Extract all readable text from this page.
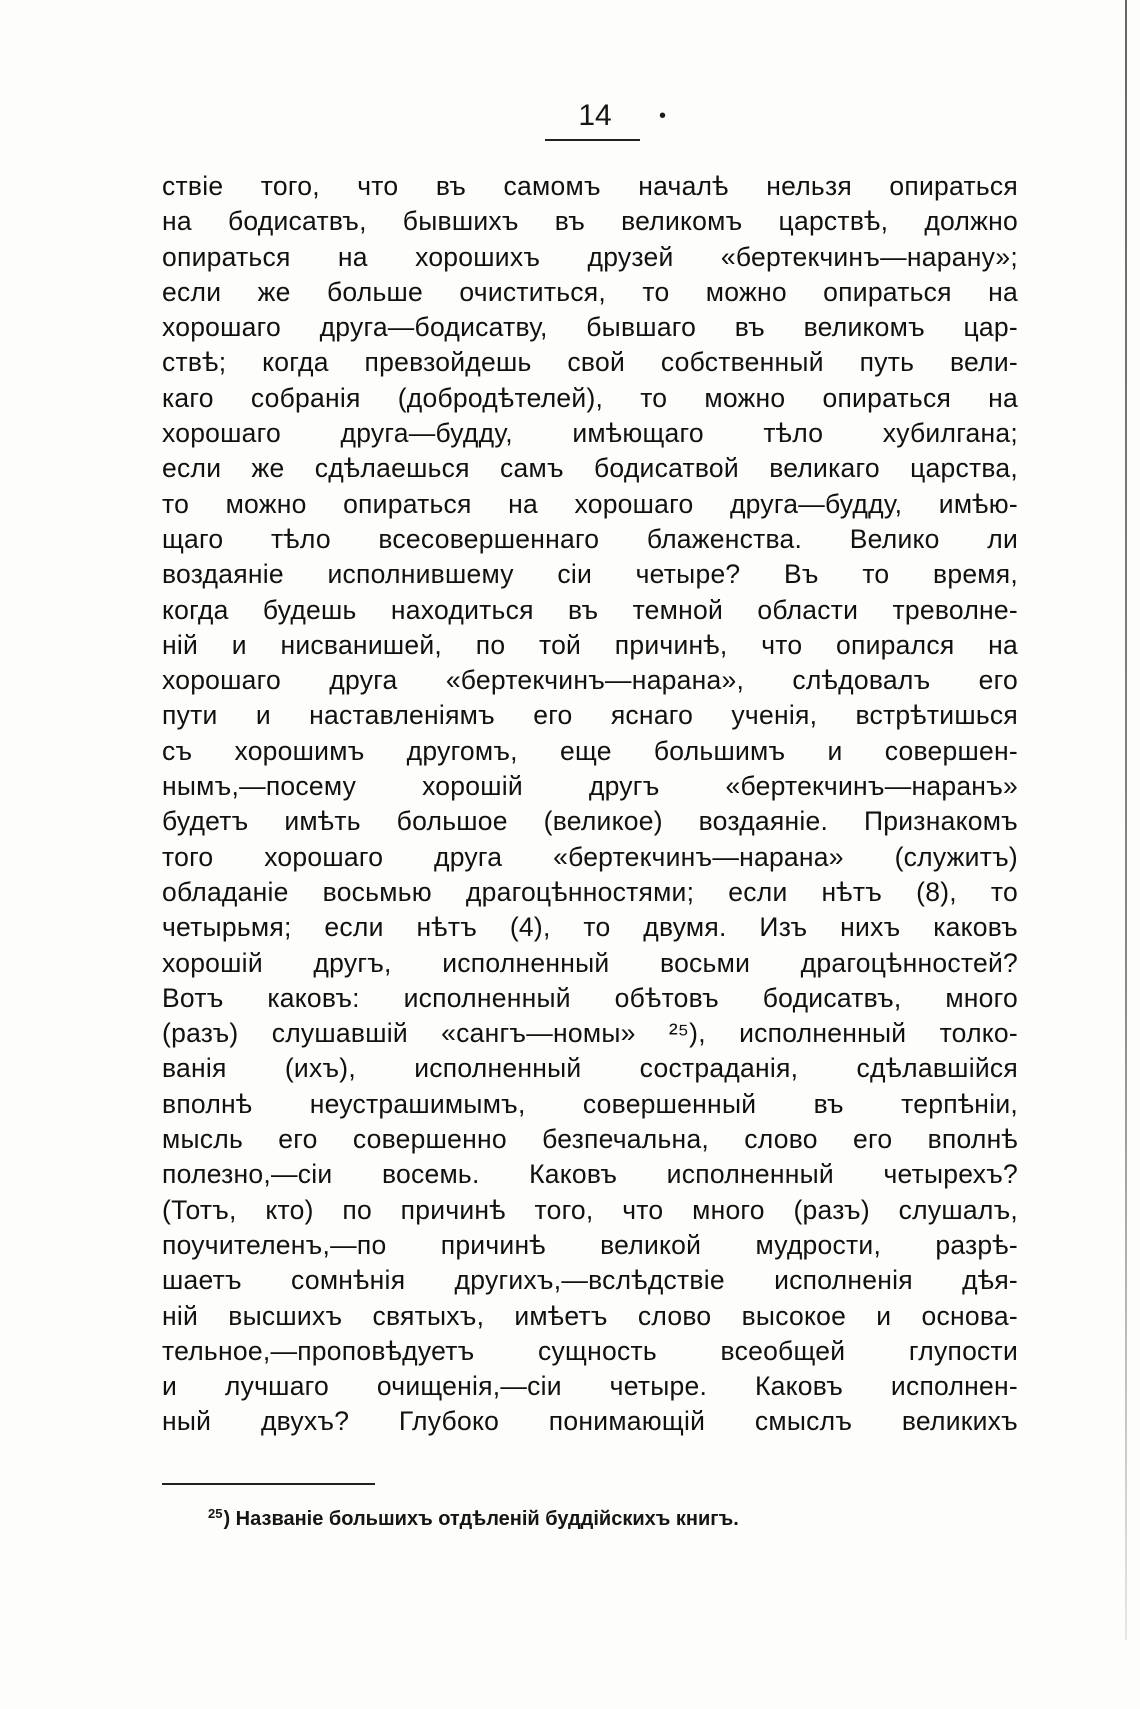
14	•
ствіе того, что въ самомъ началѣ нельзя опираться
на бодисатвъ, бывшихъ въ великомъ царствѣ, должно
опираться на хорошихъ друзей «бертекчинъ—нарану»;
если же больше очиститься, то можно опираться на
хорошаго друга—бодисатву, бывшаго въ великомъ цар-
ствѣ; когда превзойдешь свой собственный путь вели-
каго собранія (добродѣтелей), то можно опираться на
хорошаго друга—будду, имѣющаго тѣло хубилгана;
если же сдѣлаешься самъ бодисатвой великаго царства,
то можно опираться на хорошаго друга—будду, имѣю-
щаго тѣло всесовершеннаго блаженства. Велико ли
воздаяніе исполнившему сіи четыре? Въ то время,
когда будешь находиться въ темной области треволне-
ній и нисванишей, по той причинѣ, что опирался на
хорошаго друга «бертекчинъ—нарана», слѣдовалъ его
пути и наставленіямъ его яснаго ученія, встрѣтишься
съ хорошимъ другомъ, еще большимъ и совершен-
нымъ,—посему хорошій другъ «бертекчинъ—наранъ»
будетъ имѣть большое (великое) воздаяніе. Признакомъ
того хорошаго друга «бертекчинъ—нарана» (служитъ)
обладаніе восьмью драгоцѣнностями; если нѣтъ (8), то
четырьмя; если нѣтъ (4), то двумя. Изъ нихъ каковъ
хорошій другъ, исполненный восьми драгоцѣнностей?
Вотъ каковъ: исполненный обѣтовъ бодисатвъ, много
(разъ) слушавшій «сангъ—номы» ²⁵), исполненный толко-
ванія (ихъ), исполненный состраданія, сдѣлавшійся
вполнѣ неустрашимымъ, совершенный въ терпѣніи,
мысль его совершенно безпечальна, слово его вполнѣ
полезно,—сіи восемь. Каковъ исполненный четырехъ?
(Тотъ, кто) по причинѣ того, что много (разъ) слушалъ,
поучителенъ,—по причинѣ великой мудрости, разрѣ-
шаетъ сомнѣнія другихъ,—вслѣдствіе исполненія дѣя-
ній высшихъ святыхъ, имѣетъ слово высокое и основа-
тельное,—проповѣдуетъ сущность всеобщей глупости
и лучшаго очищенія,—сіи четыре. Каковъ исполнен-
ный двухъ? Глубоко понимающій смыслъ великихъ
$^{25}$) Названіе большихъ отдѣленій буддійскихъ книгъ.
